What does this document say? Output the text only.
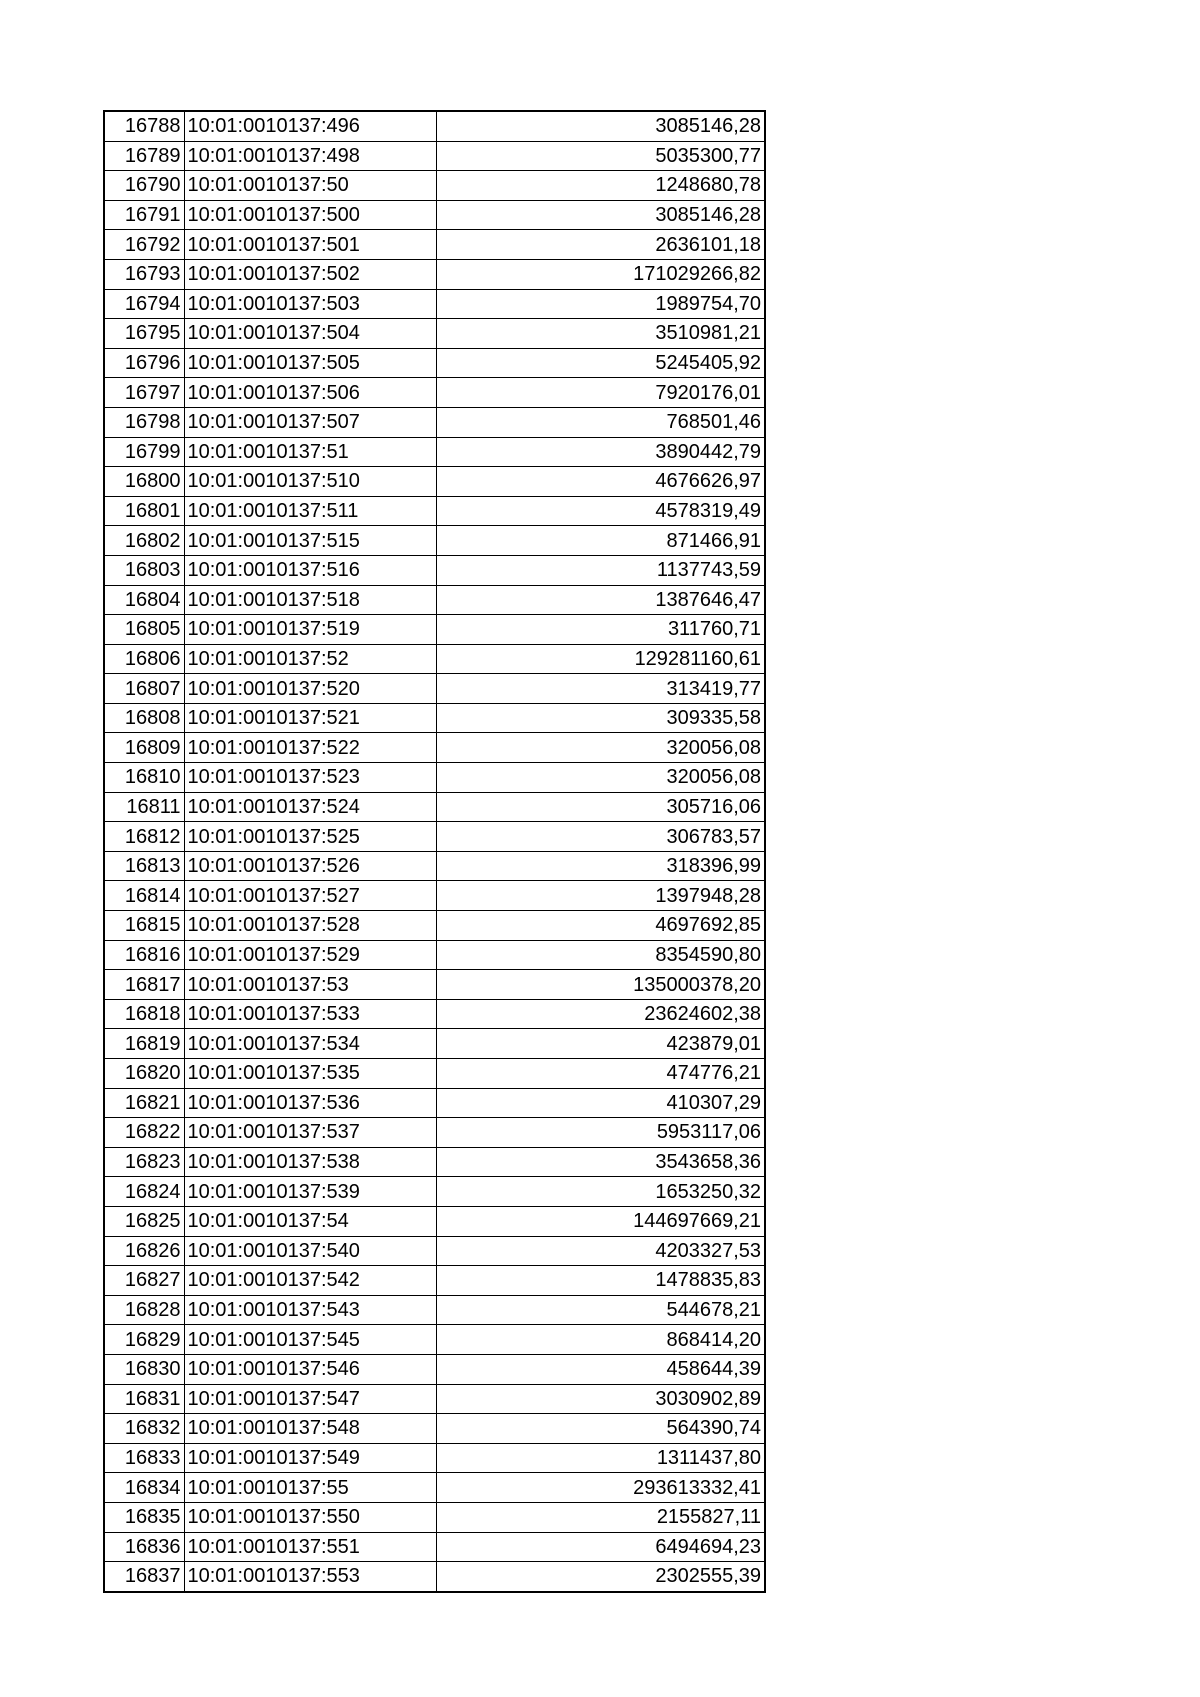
16788	10:01:0010137:496	3085146,28
16789	10:01:0010137:498	5035300,77
16790	10:01:0010137:50	1248680,78
16791	10:01:0010137:500	3085146,28
16792	10:01:0010137:501	2636101,18
16793	10:01:0010137:502	171029266,82
16794	10:01:0010137:503	1989754,70
16795	10:01:0010137:504	3510981,21
16796	10:01:0010137:505	5245405,92
16797	10:01:0010137:506	7920176,01
16798	10:01:0010137:507	768501,46
16799	10:01:0010137:51	3890442,79
16800	10:01:0010137:510	4676626,97
16801	10:01:0010137:511	4578319,49
16802	10:01:0010137:515	871466,91
16803	10:01:0010137:516	1137743,59
16804	10:01:0010137:518	1387646,47
16805	10:01:0010137:519	311760,71
16806	10:01:0010137:52	129281160,61
16807	10:01:0010137:520	313419,77
16808	10:01:0010137:521	309335,58
16809	10:01:0010137:522	320056,08
16810	10:01:0010137:523	320056,08
16811	10:01:0010137:524	305716,06
16812	10:01:0010137:525	306783,57
16813	10:01:0010137:526	318396,99
16814	10:01:0010137:527	1397948,28
16815	10:01:0010137:528	4697692,85
16816	10:01:0010137:529	8354590,80
16817	10:01:0010137:53	135000378,20
16818	10:01:0010137:533	23624602,38
16819	10:01:0010137:534	423879,01
16820	10:01:0010137:535	474776,21
16821	10:01:0010137:536	410307,29
16822	10:01:0010137:537	5953117,06
16823	10:01:0010137:538	3543658,36
16824	10:01:0010137:539	1653250,32
16825	10:01:0010137:54	144697669,21
16826	10:01:0010137:540	4203327,53
16827	10:01:0010137:542	1478835,83
16828	10:01:0010137:543	544678,21
16829	10:01:0010137:545	868414,20
16830	10:01:0010137:546	458644,39
16831	10:01:0010137:547	3030902,89
16832	10:01:0010137:548	564390,74
16833	10:01:0010137:549	1311437,80
16834	10:01:0010137:55	293613332,41
16835	10:01:0010137:550	2155827,11
16836	10:01:0010137:551	6494694,23
16837	10:01:0010137:553	2302555,39
